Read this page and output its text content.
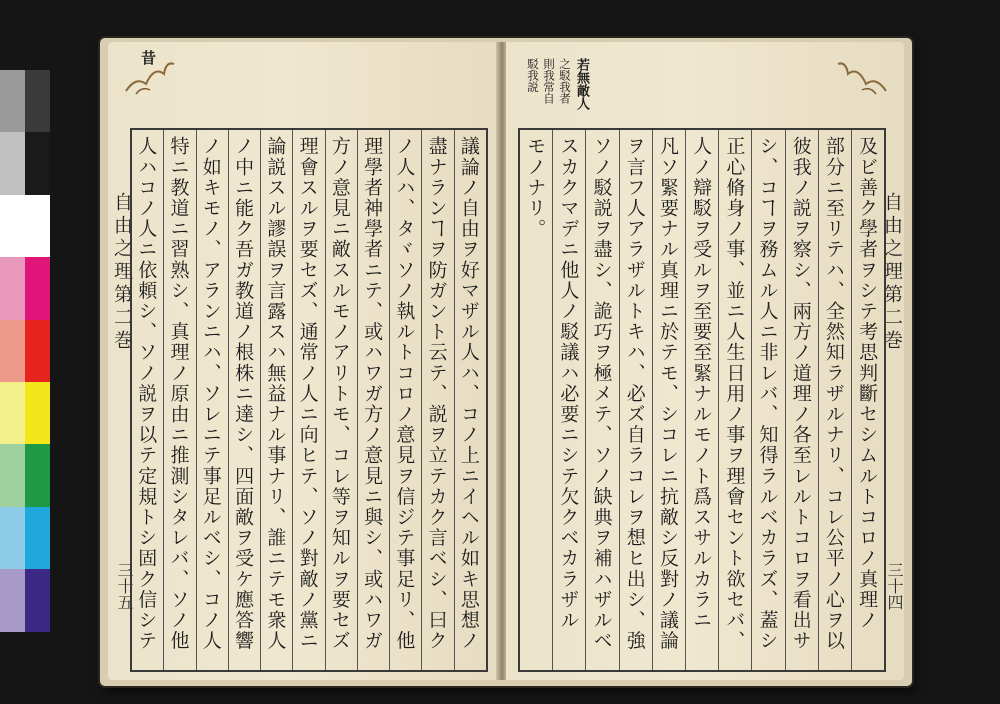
昔
自由之理第二巻
三十五 人ハコノ人ニ依頼シ、ソノ説ヲ以テ定規トシ固ク信シテ 特ニ教道ニ習熟シ、真理ノ原由ニ推測シタレバ、ソノ他
ノ如キモノ、アランニハ、ソレニテ事足ルベシ、コノ人 ノ中ニ能ク吾ガ教道ノ根株ニ達シ、四面敵ヲ受ケ應答響 論説スル謬誤ヲ言露スハ無益ナル事ナリ、誰ニテモ衆人 理會スルヲ要セズ、通常ノ人ニ向ヒテ、ソノ對敵ノ黨ニ 方ノ意見ニ敵スルモノアリトモ、コレ等ヲ知ルヲ要セズ 理學者神學者ニテ、或ハワガ方ノ意見ニ與シ、或ハワガ ノ人ハ、タヾソノ執ルトコロノ意見ヲ信ジテ事足リ、他
盡ナランヿヲ防ガント云テ、説ヲ立テカク言ベシ、曰ク 議論ノ自由ヲ好マザル人ハ、コノ上ニイヘル如キ思想ノ
若無敵人
之駁我者
則我常自
駁我説
自由之理第二巻
三十四
モノナリ。 スカクマデニ他人ノ駁議ハ必要ニシテ欠クベカラザル ソノ駁説ヲ盡シ、詭巧ヲ極メテ、ソノ缺典ヲ補ハザルベ
ヲ言フ人アラザルトキハ、必ズ自ラコレヲ想ヒ出シ、強 凡ソ緊要ナル真理ニ於テモ、シコレニ抗敵シ反對ノ議論 人ノ辯駁ヲ受ルヲ至要至緊ナルモノト爲スサルカラニ 正心脩身ノ事、並ニ人生日用ノ事ヲ理會セント欲セバ、
シ、コヿヲ務ムル人ニ非レバ、知得ラルベカラズ、蓋シ 彼我ノ説ヲ察シ、兩方ノ道理ノ各至レルトコロヲ看出サ 部分ニ至リテハ、全然知ラザルナリ、コレ公平ノ心ヲ以
及ビ善ク學者ヲシテ考思判斷セシムルトコロノ真理ノ
